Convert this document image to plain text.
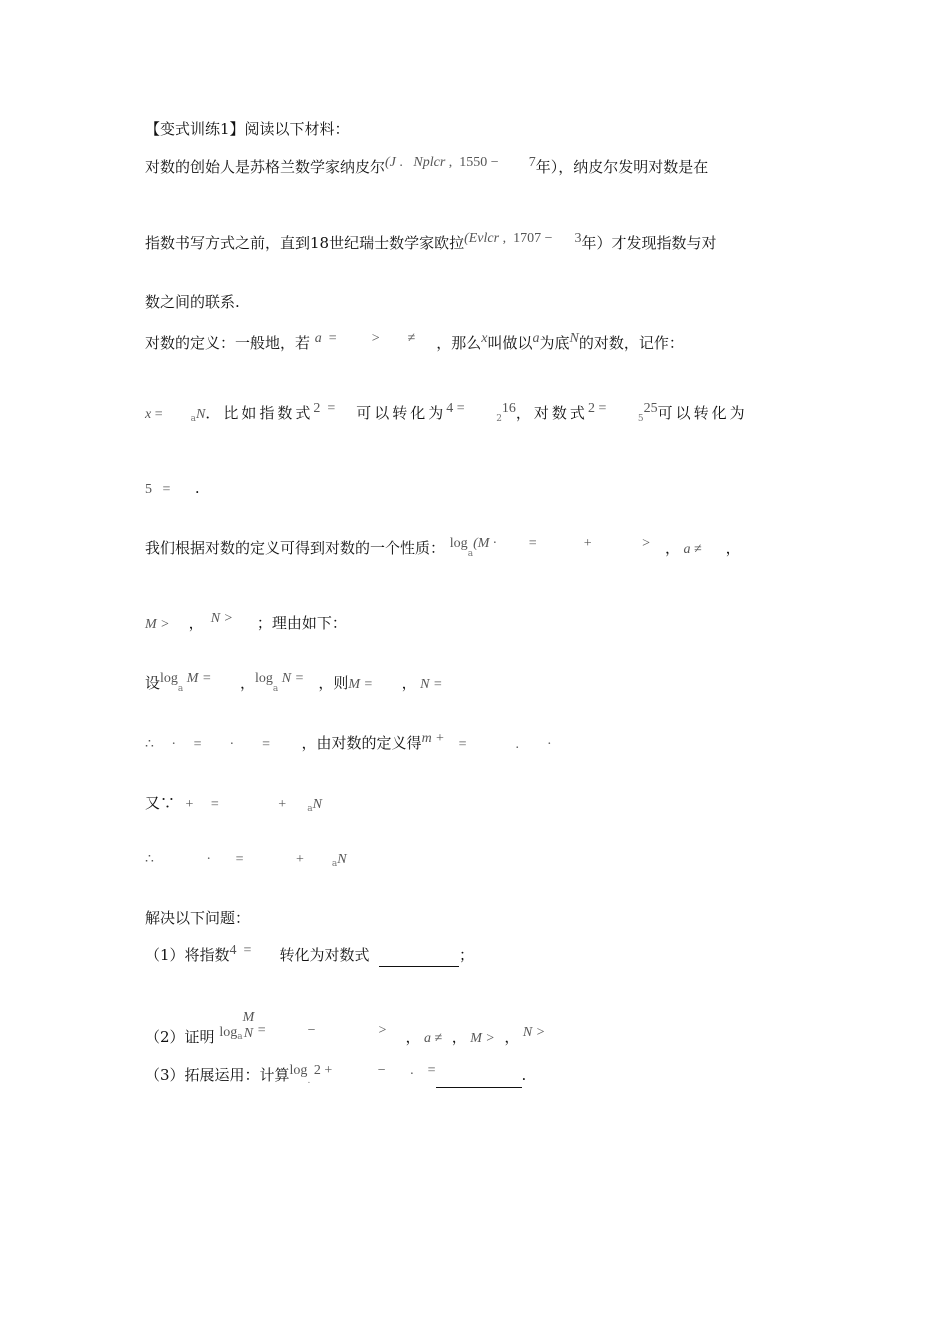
【变式训练1】阅读以下材料：
对数的创始人是苏格兰数学家纳皮尔(J .   Nplcr ,  1550 − 7年），纳皮尔发明对数是在
指数书写方式之前，直到18世纪瑞士数学家欧拉(Evlcr ,  1707 − 3年）才发现指数与对
数之间的联系.
对数的定义：一般地，若 a  =          >        ≠      ，那么x叫做以a为底N的对数，记作：
x =        $_a$N．比如指数式2  =      可以转化为4 =         $_2$16，对数式2 =         $_5$25可以转化为
5   =       .
我们根据对数的定义可得到对数的一个性质： $\log_a(M$ ·         =             +              >   ， a ≠     ，
M >    ，  N > ；理由如下：
设$\log_a M$ =      ，$\log_a N$ = ，则M =      ， N =
∴     ·     =        ·        =         ，由对数的定义得m +    =              .        ·
又∵   +     =                 +      $_a$N
∴               ·       =               +        $_a$N
解决以下问题：
（1）将指数4  =        转化为对数式	；
（2）证明 $\log^a$
M
N =            −                  >    ， a ≠  ， M >  ， N >
（3）拓展运用：计算$\log_. 2$ +             −       .    =	.
